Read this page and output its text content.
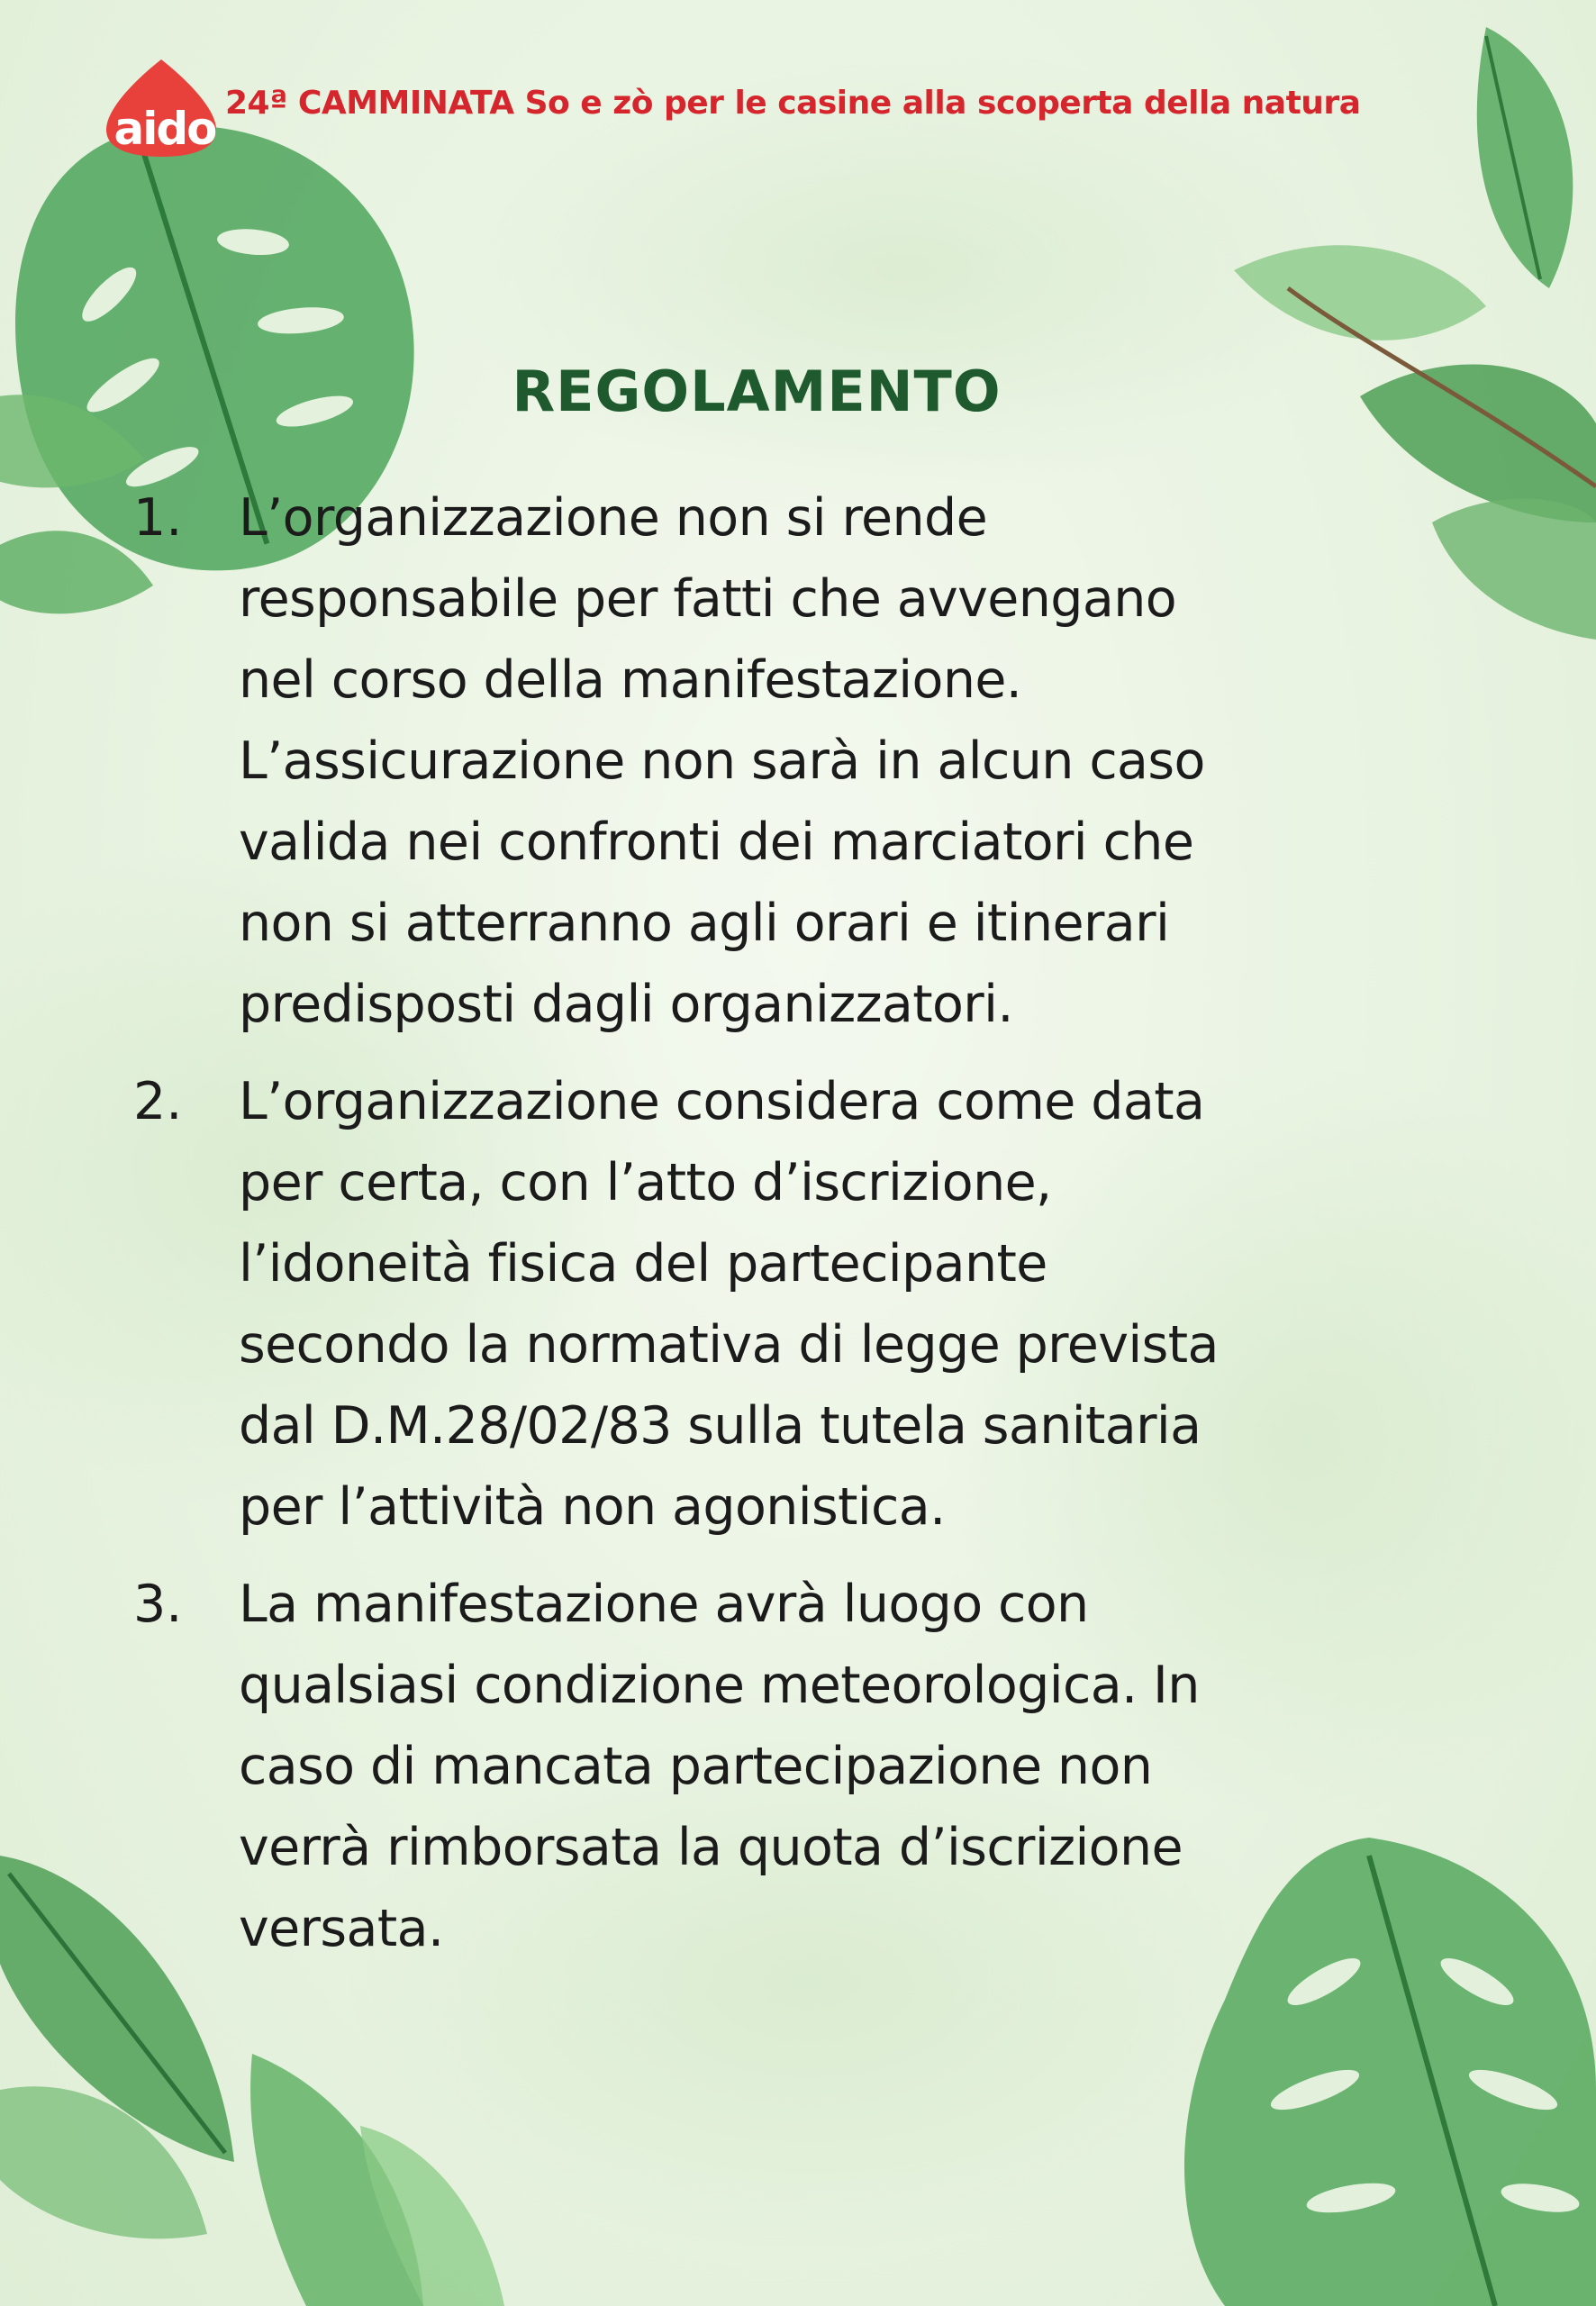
aido 24ª CAMMINATA So e zò per le casine alla scoperta della natura
REGOLAMENTO
1. L’organizzazione non si rende
responsabile per fatti che avvengano
nel corso della manifestazione.
L’assicurazione non sarà in alcun caso
valida nei confronti dei marciatori che
non si atterranno agli orari e itinerari
predisposti dagli organizzatori.
2. L’organizzazione considera come data
per certa, con l’atto d’iscrizione,
l’idoneità fisica del partecipante
secondo la normativa di legge prevista
dal D.M.28/02/83 sulla tutela sanitaria
per l’attività non agonistica.
3. La manifestazione avrà luogo con
qualsiasi condizione meteorologica. In
caso di mancata partecipazione non
verrà rimborsata la quota d’iscrizione
versata.
